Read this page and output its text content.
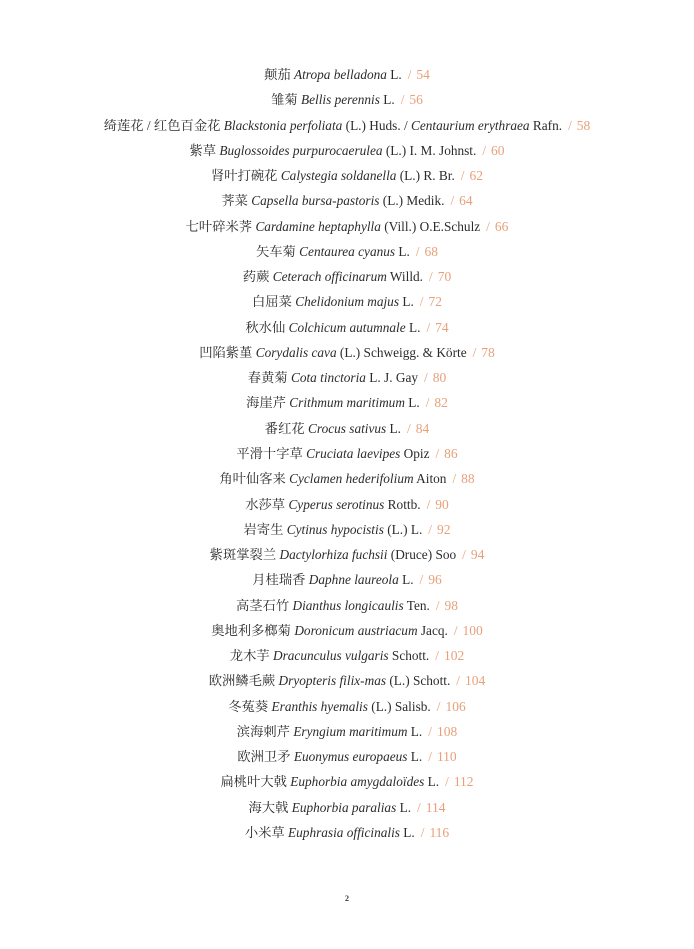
颠茄 Atropa belladona L. / 54
雏菊 Bellis perennis L. / 56
绮莲花 / 红色百金花 Blackstonia perfoliata (L.) Huds. / Centaurium erythraea Rafn. / 58
紫草 Buglossoides purpurocaerulea (L.) I. M. Johnst. / 60
肾叶打碗花 Calystegia soldanella (L.) R. Br. / 62
荠菜 Capsella bursa-pastoris (L.) Medik. / 64
七叶碎米荠 Cardamine heptaphylla (Vill.) O.E.Schulz / 66
矢车菊 Centaurea cyanus L. / 68
药蕨 Ceterach officinarum Willd. / 70
白屈菜 Chelidonium majus L. / 72
秋水仙 Colchicum autumnale L. / 74
凹陷紫堇 Corydalis cava (L.) Schweigg. & Körte / 78
春黄菊 Cota tinctoria L. J. Gay / 80
海崖芹 Crithmum maritimum L. / 82
番红花 Crocus sativus L. / 84
平滑十字草 Cruciata laevipes Opiz / 86
角叶仙客来 Cyclamen hederifolium Aiton / 88
水莎草 Cyperus serotinus Rottb. / 90
岩寄生 Cytinus hypocistis (L.) L. / 92
紫斑掌裂兰 Dactylorhiza fuchsii (Druce) Soo / 94
月桂瑞香 Daphne laureola L. / 96
高茎石竹 Dianthus longicaulis Ten. / 98
奥地利多榔菊 Doronicum austriacum Jacq. / 100
龙木芋 Dracunculus vulgaris Schott. / 102
欧洲鳞毛蕨 Dryopteris filix-mas (L.) Schott. / 104
冬菟葵 Eranthis hyemalis (L.) Salisb. / 106
滨海刺芹 Eryngium maritimum L. / 108
欧洲卫矛 Euonymus europaeus L. / 110
扁桃叶大戟 Euphorbia amygdaloïdes L. / 112
海大戟 Euphorbia paralias L. / 114
小米草 Euphrasia officinalis L. / 116
2
